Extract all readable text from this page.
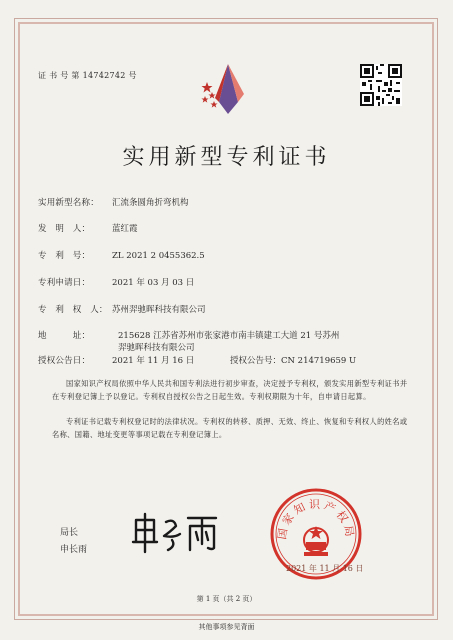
证 书 号 第 14742742 号
实用新型专利证书
实用新型名称： 汇流条圆角折弯机构
发　明　人：	蓝红霞
专　利　号：	ZL 2021 2 0455362.5
专利申请日：	2021 年 03 月 03 日
专　利　权　人： 苏州羿驰晖科技有限公司
地　　　址：	215628 江苏省苏州市张家港市南丰镇建工大道 21 号苏州
羿驰晖科技有限公司
授权公告日：	2021 年 11 月 16 日	授权公告号：CN 214719659 U
国家知识产权局依照中华人民共和国专利法进行初步审查，决定授予专利权，颁发实用新型专利证书并在专利登记簿上予以登记。专利权自授权公告之日起生效。专利权期限为十年，自申请日起算。
专利证书记载专利权登记时的法律状况。专利权的转移、质押、无效、终止、恢复和专利权人的姓名或名称、国籍、地址变更等事项记载在专利登记簿上。
局长
申长雨
国家知识产权局
2021 年 11 月 16 日
第 1 页（共 2 页）
其他事项参见背面
